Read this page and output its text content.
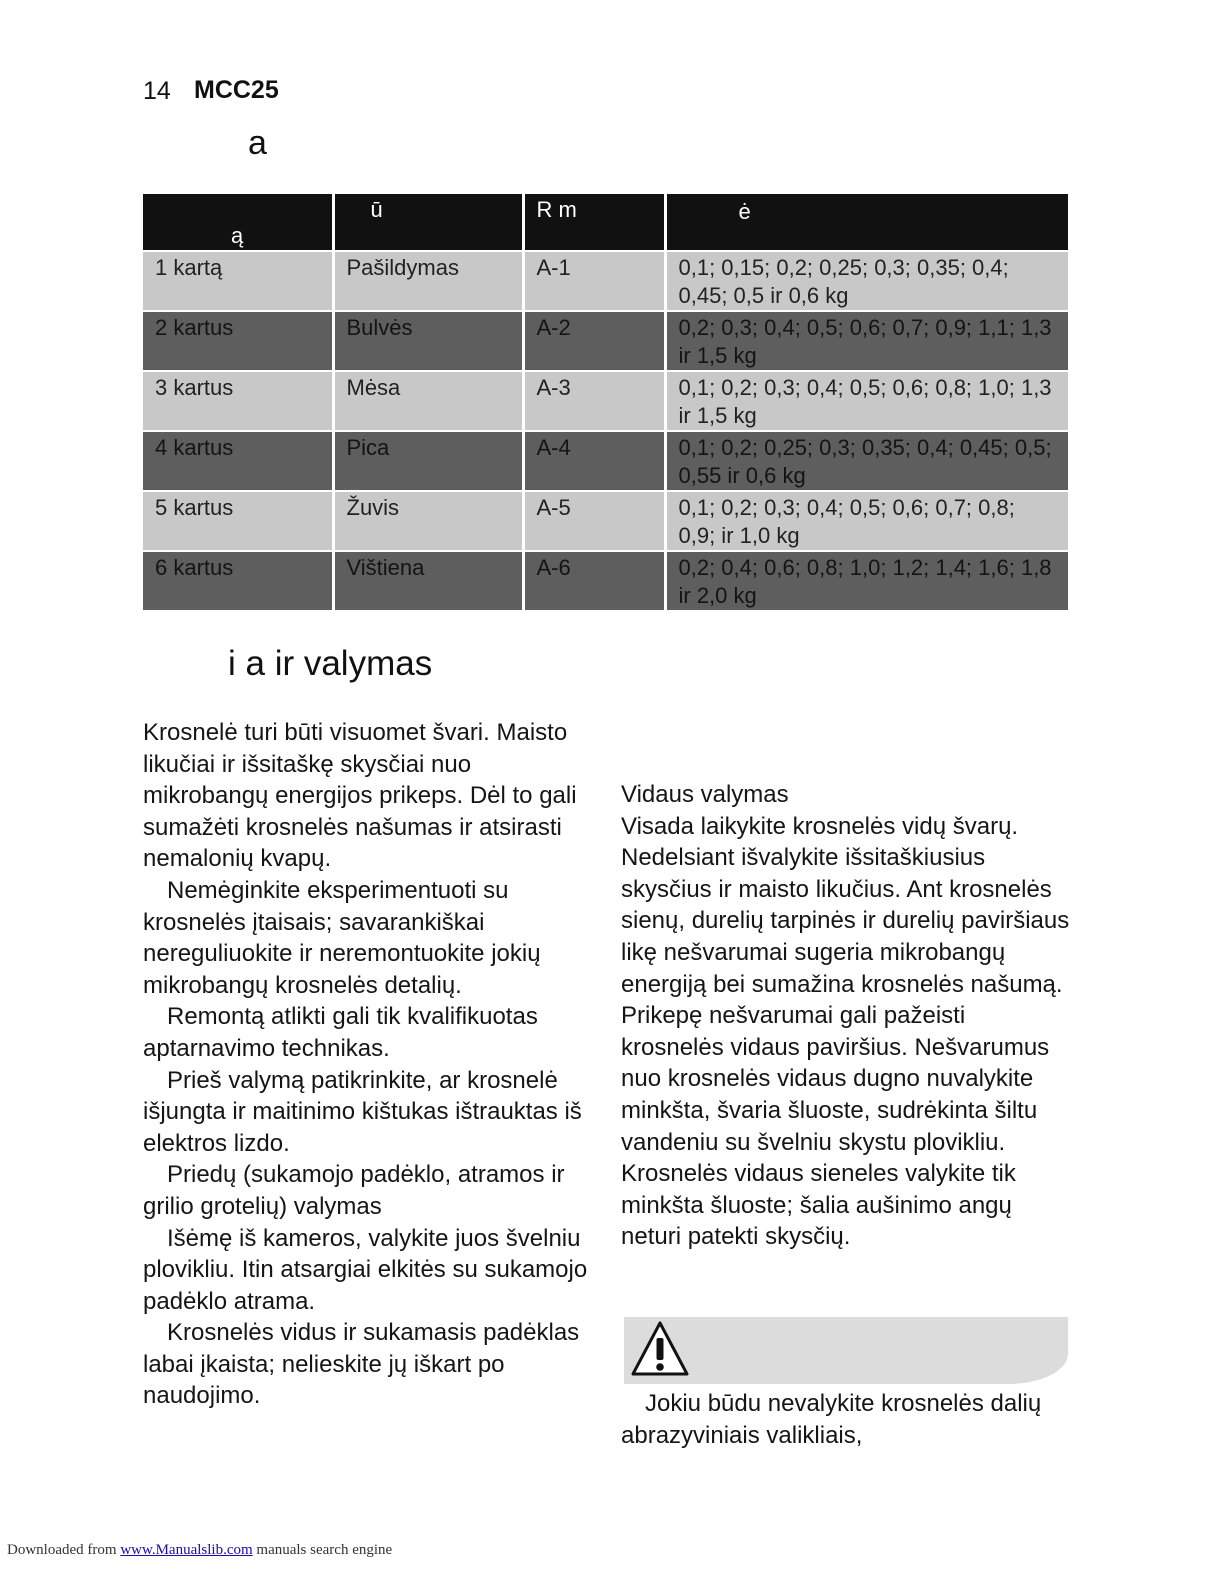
14 MCC25
a
ą	ū	R m	ė

1 kartą	Pašildymas	A-1	0,1; 0,15; 0,2; 0,25; 0,3; 0,35; 0,4; 0,45; 0,5 ir 0,6 kg
2 kartus	Bulvės	A-2	0,2; 0,3; 0,4; 0,5; 0,6; 0,7; 0,9; 1,1; 1,3 ir 1,5 kg
3 kartus	Mėsa	A-3	0,1; 0,2; 0,3; 0,4; 0,5; 0,6; 0,8; 1,0; 1,3 ir 1,5 kg
4 kartus	Pica	A-4	0,1; 0,2; 0,25; 0,3; 0,35; 0,4; 0,45; 0,5; 0,55 ir 0,6 kg
5 kartus	Žuvis	A-5	0,1; 0,2; 0,3; 0,4; 0,5; 0,6; 0,7; 0,8; 0,9; ir 1,0 kg
6 kartus	Vištiena	A-6	0,2; 0,4; 0,6; 0,8; 1,0; 1,2; 1,4; 1,6; 1,8 ir 2,0 kg
i a ir valymas

Krosnelė turi būti visuomet švari. Maisto likučiai ir išsitaškę skysčiai nuo mikrobangų energijos prikeps. Dėl to gali sumažėti krosnelės našumas ir atsirasti nemalonių kvapų.

Nemėginkite eksperimentuoti su krosnelės įtaisais; savarankiškai nereguliuokite ir neremontuokite jokių mikrobangų krosnelės detalių.

Remontą atlikti gali tik kvalifikuotas aptarnavimo technikas.

Prieš valymą patikrinkite, ar krosnelė išjungta ir maitinimo kištukas ištrauktas iš elektros lizdo.

Priedų (sukamojo padėklo, atramos ir grilio grotelių) valymas

Išėmę iš kameros, valykite juos švelniu plovikliu. Itin atsargiai elkitės su sukamojo padėklo atrama.

Krosnelės vidus ir sukamasis padėklas labai įkaista; nelieskite jų iškart po naudojimo.

Vidaus valymas

Visada laikykite krosnelės vidų švarų. Nedelsiant išvalykite išsitaškiusius skysčius ir maisto likučius. Ant krosnelės sienų, durelių tarpinės ir durelių paviršiaus likę nešvarumai sugeria mikrobangų energiją bei sumažina krosnelės našumą. Prikepę nešvarumai gali pažeisti krosnelės vidaus paviršius. Nešvarumus nuo krosnelės vidaus dugno nuvalykite minkšta, švaria šluoste, sudrėkinta šiltu vandeniu su švelniu skystu plovikliu. Krosnelės vidaus sieneles valykite tik minkšta šluoste; šalia aušinimo angų neturi patekti skysčių.

Jokiu būdu nevalykite krosnelės dalių abrazyviniais valikliais,

Downloaded from www.Manualslib.com manuals search engine
